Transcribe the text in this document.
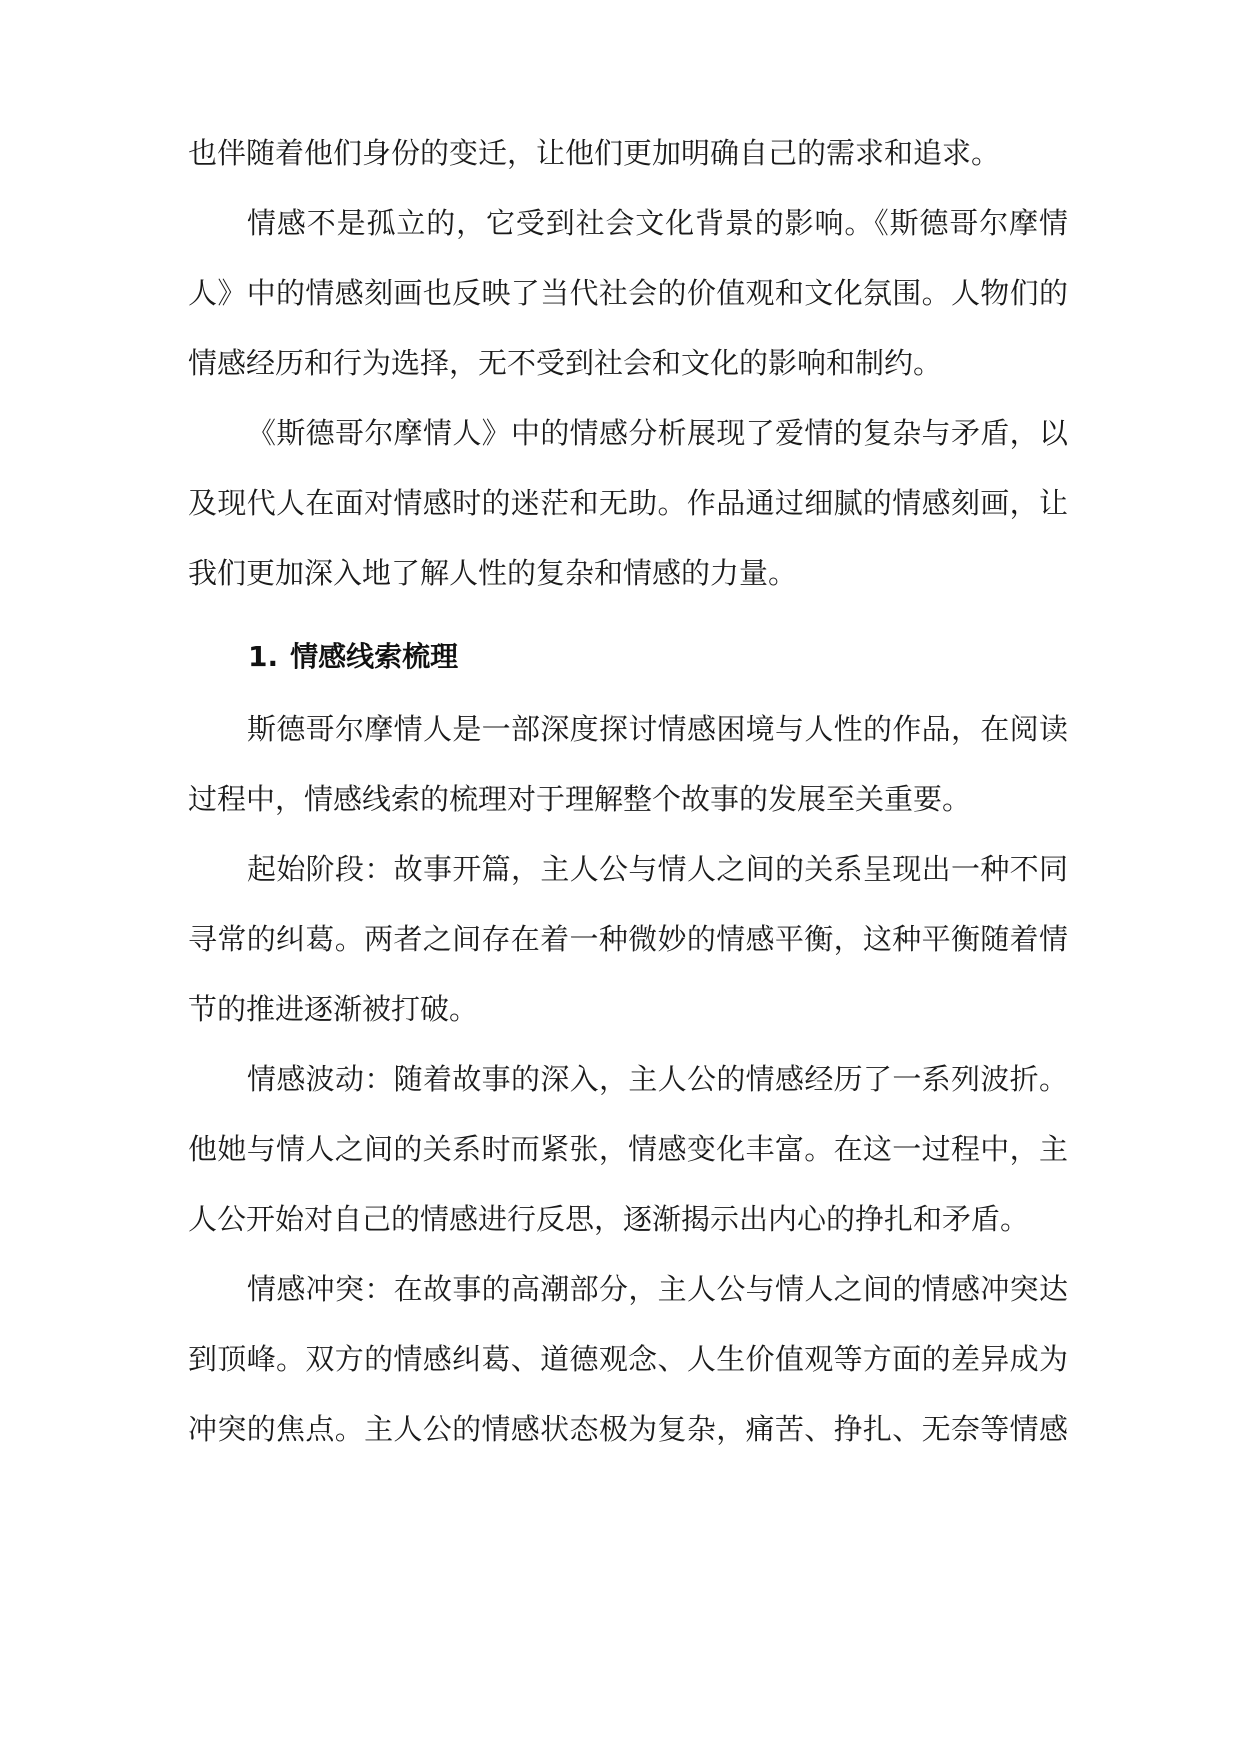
也伴随着他们身份的变迁，让他们更加明确自己的需求和追求。
情感不是孤立的，它受到社会文化背景的影响。《斯德哥尔摩情
人》中的情感刻画也反映了当代社会的价值观和文化氛围。人物们的
情感经历和行为选择，无不受到社会和文化的影响和制约。
《斯德哥尔摩情人》中的情感分析展现了爱情的复杂与矛盾，以
及现代人在面对情感时的迷茫和无助。作品通过细腻的情感刻画，让
我们更加深入地了解人性的复杂和情感的力量。
1. 情感线索梳理
斯德哥尔摩情人是一部深度探讨情感困境与人性的作品，在阅读
过程中，情感线索的梳理对于理解整个故事的发展至关重要。
起始阶段：故事开篇，主人公与情人之间的关系呈现出一种不同
寻常的纠葛。两者之间存在着一种微妙的情感平衡，这种平衡随着情
节的推进逐渐被打破。
情感波动：随着故事的深入，主人公的情感经历了一系列波折。
他她与情人之间的关系时而紧张，情感变化丰富。在这一过程中，主
人公开始对自己的情感进行反思，逐渐揭示出内心的挣扎和矛盾。
情感冲突：在故事的高潮部分，主人公与情人之间的情感冲突达
到顶峰。双方的情感纠葛、道德观念、人生价值观等方面的差异成为
冲突的焦点。主人公的情感状态极为复杂，痛苦、挣扎、无奈等情感
